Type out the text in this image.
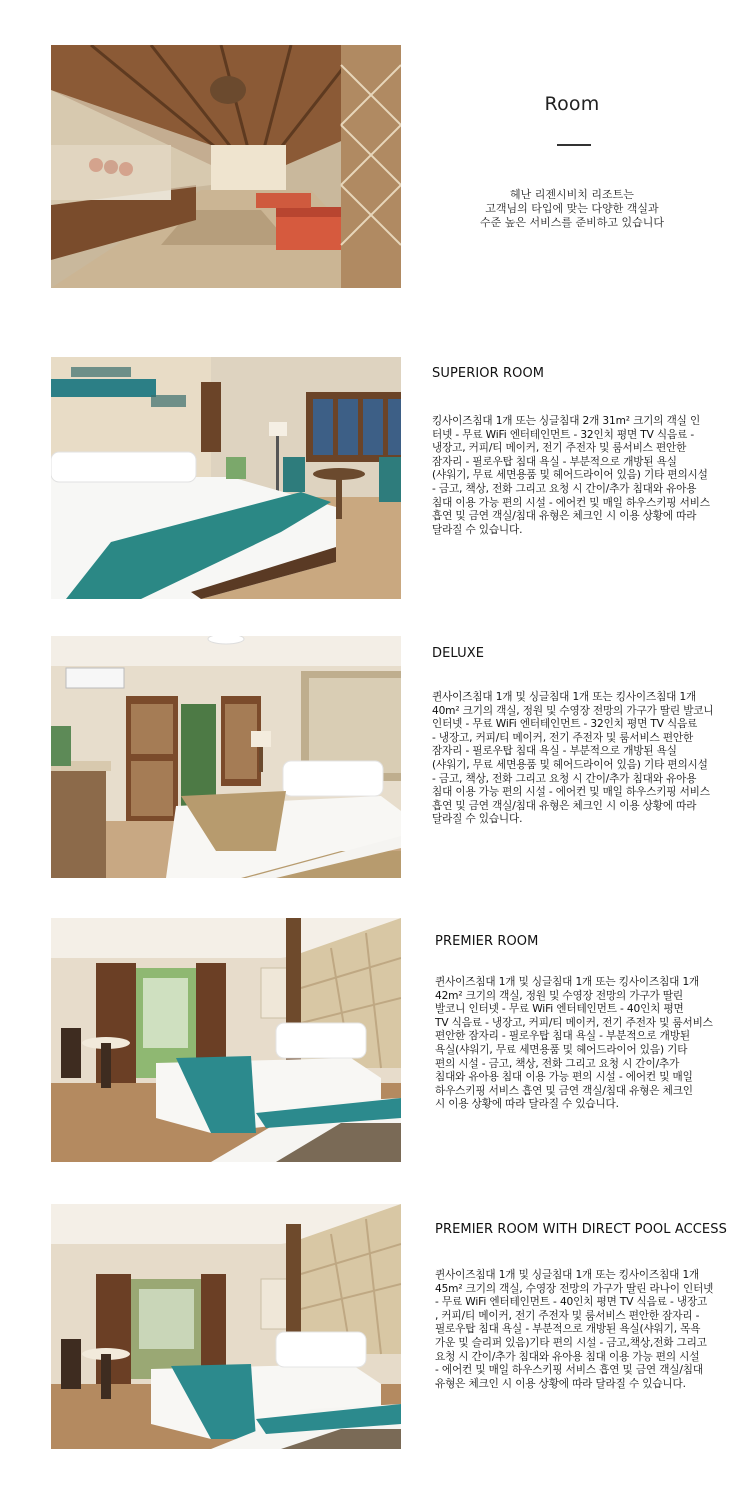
Room
헤난 리젠시비치 리조트는
고객님의 타입에 맞는 다양한 객실과
수준 높은 서비스를 준비하고 있습니다
SUPERIOR ROOM
킹사이즈침대 1개 또는 싱글침대 2개 31m² 크기의 객실 인
터넷 - 무료 WiFi 엔터테인먼트 - 32인치 평면 TV 식음료 -
냉장고, 커피/티 메이커, 전기 주전자 및 룸서비스 편안한
잠자리 - 필로우탑 침대 욕실 - 부분적으로 개방된 욕실
(샤워기, 무료 세면용품 및 헤어드라이어 있음) 기타 편의시설
- 금고, 책상, 전화 그리고 요청 시 간이/추가 침대와 유아용
침대 이용 가능 편의 시설 - 에어컨 및 매일 하우스키핑 서비스
흡연 및 금연 객실/침대 유형은 체크인 시 이용 상황에 따라
달라질 수 있습니다.
DELUXE
퀸사이즈침대 1개 및 싱글침대 1개 또는 킹사이즈침대 1개
40m² 크기의 객실, 정원 및 수영장 전망의 가구가 딸린 발코니
인터넷 - 무료 WiFi 엔터테인먼트 - 32인치 평면 TV 식음료
- 냉장고, 커피/티 메이커, 전기 주전자 및 룸서비스 편안한
잠자리 - 필로우탑 침대 욕실 - 부분적으로 개방된 욕실
(샤워기, 무료 세면용품 및 헤어드라이어 있음) 기타 편의시설
- 금고, 책상, 전화 그리고 요청 시 간이/추가 침대와 유아용
침대 이용 가능 편의 시설 - 에어컨 및 매일 하우스키핑 서비스
흡연 및 금연 객실/침대 유형은 체크인 시 이용 상황에 따라
달라질 수 있습니다.
PREMIER ROOM
퀸사이즈침대 1개 및 싱글침대 1개 또는 킹사이즈침대 1개
42m² 크기의 객실, 정원 및 수영장 전망의 가구가 딸린
발코니 인터넷 - 무료 WiFi 엔터테인먼트 - 40인치 평면
TV 식음료 - 냉장고, 커피/티 메이커, 전기 주전자 및 룸서비스
편안한 잠자리 - 필로우탑 침대 욕실 - 부분적으로 개방된
욕실(샤워기, 무료 세면용품 및 헤어드라이어 있음) 기타
편의 시설 - 금고, 책상, 전화 그리고 요청 시 간이/추가
침대와 유아용 침대 이용 가능 편의 시설 - 에어컨 및 매일
하우스키핑 서비스 흡연 및 금연 객실/침대 유형은 체크인
시 이용 상황에 따라 달라질 수 있습니다.
PREMIER ROOM WITH DIRECT POOL ACCESS
퀸사이즈침대 1개 및 싱글침대 1개 또는 킹사이즈침대 1개
45m² 크기의 객실, 수영장 전망의 가구가 딸린 라나이 인터넷
- 무료 WiFi 엔터테인먼트 - 40인치 평면 TV 식음료 - 냉장고
, 커피/티 메이커, 전기 주전자 및 룸서비스 편안한 잠자리 -
필로우탑 침대 욕실 - 부분적으로 개방된 욕실(샤워기, 목욕
가운 및 슬리퍼 있음)기타 편의 시설 - 금고,책상,전화 그리고
요청 시 간이/추가 침대와 유아용 침대 이용 가능 편의 시설
- 에어컨 및 매일 하우스키핑 서비스 흡연 및 금연 객실/침대
유형은 체크인 시 이용 상황에 따라 달라질 수 있습니다.
